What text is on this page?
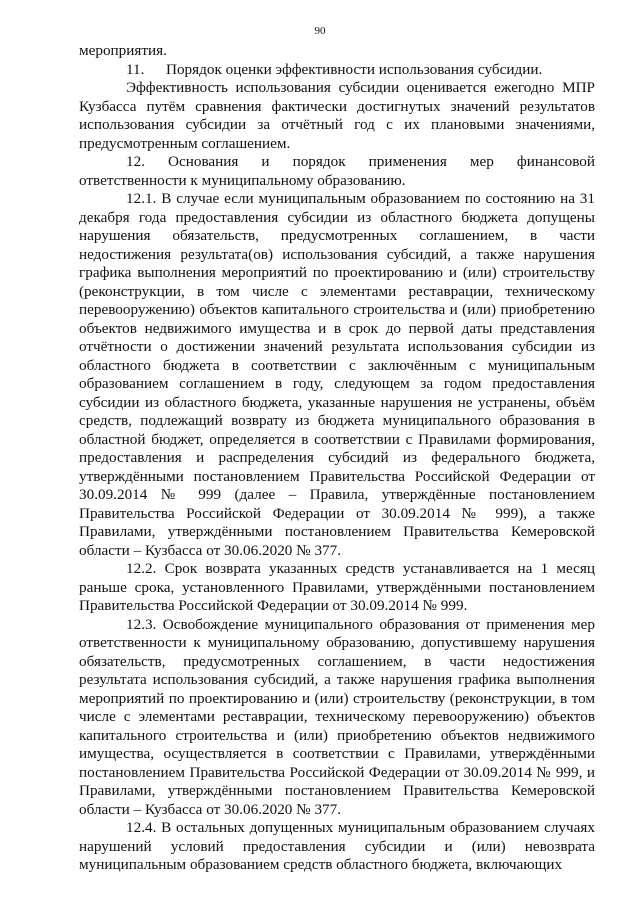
90

мероприятия.

11. Порядок оценки эффективности использования субсидии.

Эффективность использования субсидии оценивается ежегодно МПР Кузбасса путём сравнения фактически достигнутых значений результатов использования субсидии за отчётный год с их плановыми значениями, предусмотренным соглашением.

12. Основания и порядок применения мер финансовой

ответственности к муниципальному образованию.

12.1. В случае если муниципальным образованием по состоянию на 31 декабря года предоставления субсидии из областного бюджета допущены нарушения обязательств, предусмотренных соглашением, в части недостижения результата(ов) использования субсидий, а также нарушения графика выполнения мероприятий по проектированию и (или) строительству (реконструкции, в том числе с элементами реставрации, техническому перевооружению) объектов капитального строительства и (или) приобретению объектов недвижимого имущества и в срок до первой даты представления отчётности о достижении значений результата использования субсидии из областного бюджета в соответствии с заключённым с муниципальным образованием соглашением в году, следующем за годом предоставления субсидии из областного бюджета, указанные нарушения не устранены, объём средств, подлежащий возврату из бюджета муниципального образования в областной бюджет, определяется в соответствии с Правилами формирования, предоставления и распределения субсидий из федерального бюджета, утверждёнными постановлением Правительства Российской Федерации от 30.09.2014 № 999 (далее – Правила, утверждённые постановлением Правительства Российской Федерации от 30.09.2014 № 999), а также Правилами, утверждёнными постановлением Правительства Кемеровской области – Кузбасса от 30.06.2020 № 377.

12.2. Срок возврата указанных средств устанавливается на 1 месяц раньше срока, установленного Правилами, утверждёнными постановлением Правительства Российской Федерации от 30.09.2014 № 999.

12.3. Освобождение муниципального образования от применения мер ответственности к муниципальному образованию, допустившему нарушения обязательств, предусмотренных соглашением, в части недостижения результата использования субсидий, а также нарушения графика выполнения мероприятий по проектированию и (или) строительству (реконструкции, в том числе с элементами реставрации, техническому перевооружению) объектов капитального строительства и (или) приобретению объектов недвижимого имущества, осуществляется в соответствии с Правилами, утверждёнными постановлением Правительства Российской Федерации от 30.09.2014 № 999, и Правилами, утверждёнными постановлением Правительства Кемеровской области – Кузбасса от 30.06.2020 № 377.

12.4. В остальных допущенных муниципальным образованием случаях нарушений условий предоставления субсидии и (или) невозврата муниципальным образованием средств областного бюджета, включающих
